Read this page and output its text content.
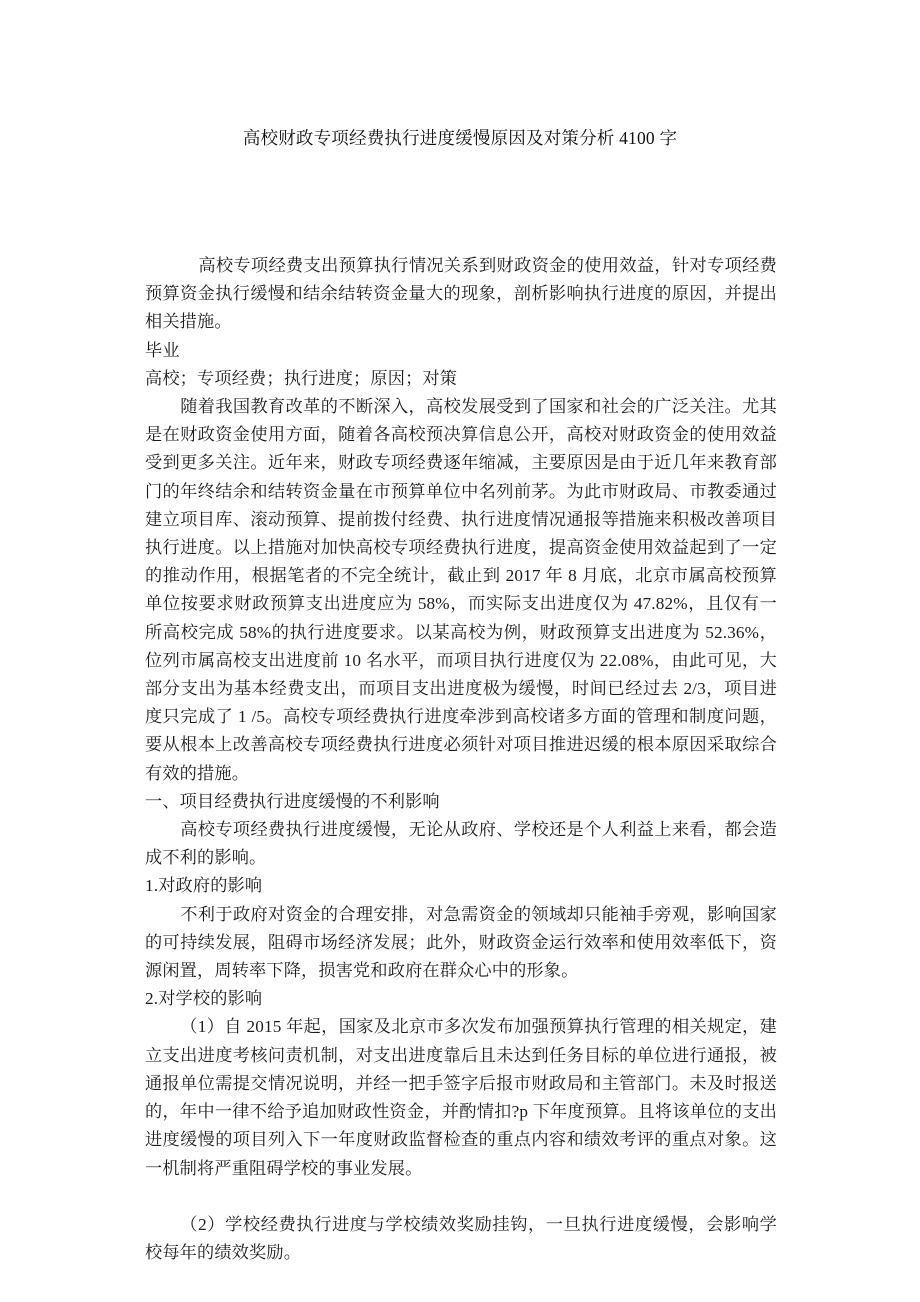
高校财政专项经费执行进度缓慢原因及对策分析 4100 字

高校专项经费支出预算执行情况关系到财政资金的使用效益，针对专项经费预算资金执行缓慢和结余结转资金量大的现象，剖析影响执行进度的原因，并提出相关措施。

毕业

高校；专项经费；执行进度；原因；对策

随着我国教育改革的不断深入，高校发展受到了国家和社会的广泛关注。尤其是在财政资金使用方面，随着各高校预决算信息公开，高校对财政资金的使用效益受到更多关注。近年来，财政专项经费逐年缩减，主要原因是由于近几年来教育部门的年终结余和结转资金量在市预算单位中名列前茅。为此市财政局、市教委通过建立项目库、滚动预算、提前拨付经费、执行进度情况通报等措施来积极改善项目执行进度。以上措施对加快高校专项经费执行进度，提高资金使用效益起到了一定的推动作用，根据笔者的不完全统计，截止到 2017 年 8 月底，北京市属高校预算单位按要求财政预算支出进度应为 58%，而实际支出进度仅为 47.82%，且仅有一所高校完成 58%的执行进度要求。以某高校为例，财政预算支出进度为 52.36%，位列市属高校支出进度前 10 名水平，而项目执行进度仅为 22.08%，由此可见，大部分支出为基本经费支出，而项目支出进度极为缓慢，时间已经过去 2/3，项目进度只完成了 1 /5。高校专项经费执行进度牵涉到高校诸多方面的管理和制度问题，要从根本上改善高校专项经费执行进度必须针对项目推进迟缓的根本原因采取综合有效的措施。

一、项目经费执行进度缓慢的不利影响

高校专项经费执行进度缓慢，无论从政府、学校还是个人利益上来看，都会造成不利的影响。

1.对政府的影响

不利于政府对资金的合理安排，对急需资金的领域却只能袖手旁观，影响国家的可持续发展，阻碍市场经济发展；此外，财政资金运行效率和使用效率低下，资源闲置，周转率下降，损害党和政府在群众心中的形象。

2.对学校的影响

（1）自 2015 年起，国家及北京市多次发布加强预算执行管理的相关规定，建立支出进度考核问责机制，对支出进度靠后且未达到任务目标的单位进行通报，被通报单位需提交情况说明，并经一把手签字后报市财政局和主管部门。未及时报送的，年中一律不给予追加财政性资金，并酌情扣?p 下年度预算。且将该单位的支出进度缓慢的项目列入下一年度财政监督检查的重点内容和绩效考评的重点对象。这一机制将严重阻碍学校的事业发展。

（2）学校经费执行进度与学校绩效奖励挂钩，一旦执行进度缓慢，会影响学校每年的绩效奖励。
